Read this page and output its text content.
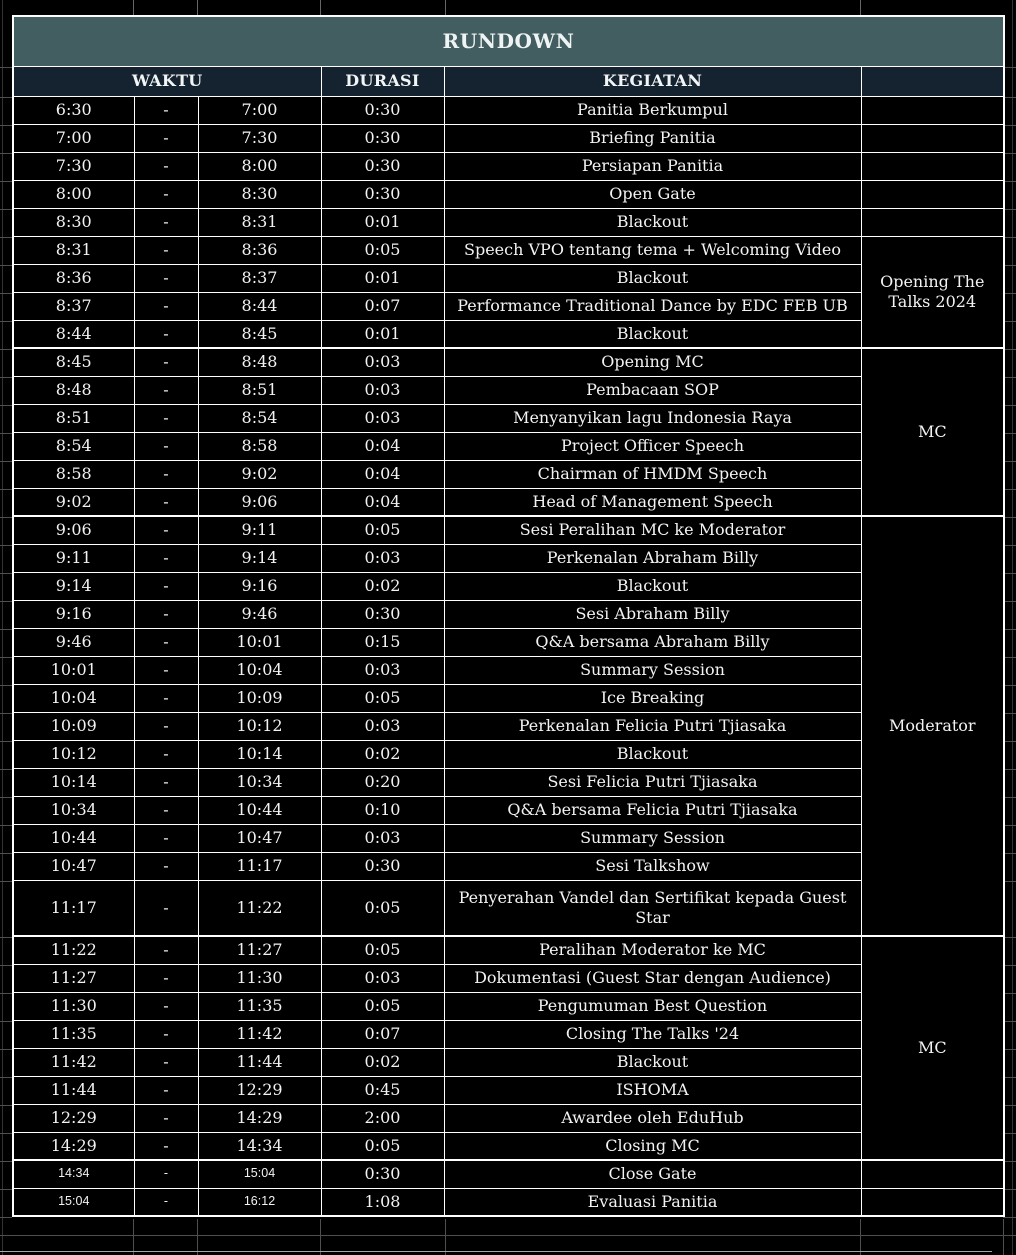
RUNDOWN					
WAKTU			DURASI	KEGIATAN	
6:30	-	7:00	0:30	Panitia Berkumpul	
7:00	-	7:30	0:30	Briefing Panitia	
7:30	-	8:00	0:30	Persiapan Panitia	
8:00	-	8:30	0:30	Open Gate	
8:30	-	8:31	0:01	Blackout	
8:31	-	8:36	0:05	Speech VPO tentang tema + Welcoming Video	Opening The Talks 2024
8:36	-	8:37	0:01	Blackout	
8:37	-	8:44	0:07	Performance Traditional Dance by EDC FEB UB	
8:44	-	8:45	0:01	Blackout	
8:45	-	8:48	0:03	Opening MC	MC
8:48	-	8:51	0:03	Pembacaan SOP	
8:51	-	8:54	0:03	Menyanyikan lagu Indonesia Raya	
8:54	-	8:58	0:04	Project Officer Speech	
8:58	-	9:02	0:04	Chairman of HMDM Speech	
9:02	-	9:06	0:04	Head of Management Speech	
9:06	-	9:11	0:05	Sesi Peralihan MC ke Moderator	Moderator
9:11	-	9:14	0:03	Perkenalan Abraham Billy	
9:14	-	9:16	0:02	Blackout	
9:16	-	9:46	0:30	Sesi Abraham Billy	
9:46	-	10:01	0:15	Q&A bersama Abraham Billy	
10:01	-	10:04	0:03	Summary Session	
10:04	-	10:09	0:05	Ice Breaking	
10:09	-	10:12	0:03	Perkenalan Felicia Putri Tjiasaka	
10:12	-	10:14	0:02	Blackout	
10:14	-	10:34	0:20	Sesi Felicia Putri Tjiasaka	
10:34	-	10:44	0:10	Q&A bersama Felicia Putri Tjiasaka	
10:44	-	10:47	0:03	Summary Session	
10:47	-	11:17	0:30	Sesi Talkshow	
11:17	-	11:22	0:05	Penyerahan Vandel dan Sertifikat kepada Guest Star	
11:22	-	11:27	0:05	Peralihan Moderator ke MC	MC
11:27	-	11:30	0:03	Dokumentasi (Guest Star dengan Audience)	
11:30	-	11:35	0:05	Pengumuman Best Question	
11:35	-	11:42	0:07	Closing The Talks '24	
11:42	-	11:44	0:02	Blackout	
11:44	-	12:29	0:45	ISHOMA	
12:29	-	14:29	2:00	Awardee oleh EduHub	
14:29	-	14:34	0:05	Closing MC	
14:34	-	15:04	0:30	Close Gate	
15:04	-	16:12	1:08	Evaluasi Panitia	
